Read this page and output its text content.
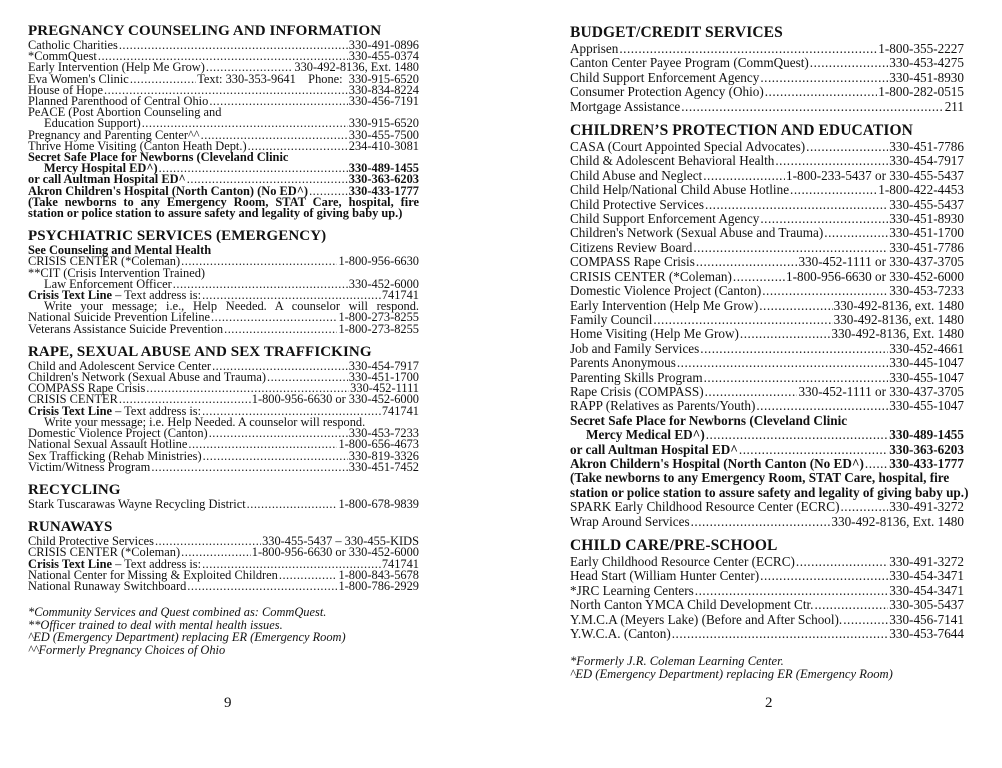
PREGNANCY COUNSELING AND INFORMATION
Catholic Charities .....	330-491-0896
*CommQuest .....	330-455-0374
Early Intervention (Help Me Grow) .....	330-492-8136, Ext. 1480
Eva Women's Clinic .....	Text: 330-353-9641    Phone:  330-915-6520
House of Hope .....	330-834-8224
Planned Parenthood of Central Ohio .....	330-456-7191
PeACE (Post Abortion Counseling and
Education Support) .....	330-915-6520
Pregnancy and Parenting Center^^ .....	330-455-7500
Thrive Home Visiting (Canton Heath Dept.) .....	234-410-3081
Secret Safe Place for Newborns (Cleveland Clinic
Mercy Hospital ED^) .....	330-489-1455
or call Aultman Hospital ED^ .....	330-363-6203
Akron Children's Hospital (North Canton) (No ED^) .....	330-433-1777
(Take newborns to any Emergency Room, STAT Care, hospital, fire
station or police station to assure safety and legality of giving baby up.)
PSYCHIATRIC SERVICES (EMERGENCY)
See Counseling and Mental Health
CRISIS CENTER (*Coleman) .....	1-800-956-6630
**CIT (Crisis Intervention Trained)
Law Enforcement Officer .....	330-452-6000
Crisis Text Line – Text address is: .....	741741
Write your message; i.e., Help Needed. A counselor will respond.
National Suicide Prevention Lifeline .....	1-800-273-8255
Veterans Assistance Suicide Prevention .....	1-800-273-8255
RAPE, SEXUAL ABUSE AND SEX TRAFFICKING
Child and Adolescent Service Center .....	330-454-7917
Children's Network (Sexual Abuse and Trauma) .....	330-451-1700
COMPASS Rape Crisis .....	330-452-1111
CRISIS CENTER .....	1-800-956-6630 or 330-452-6000
Crisis Text Line – Text address is: .....	741741
Write your message; i.e. Help Needed. A counselor will respond.
Domestic Violence Project (Canton) .....	330-453-7233
National Sexual Assault Hotline .....	1-800-656-4673
Sex Trafficking (Rehab Ministries) .....	330-819-3326
Victim/Witness Program .....	330-451-7452
RECYCLING
Stark Tuscarawas Wayne Recycling District .....	1-800-678-9839
RUNAWAYS
Child Protective Services .....	330-455-5437 – 330-455-KIDS
CRISIS CENTER (*Coleman) .....	1-800-956-6630 or 330-452-6000
Crisis Text Line – Text address is: .....	741741
National Center for Missing & Exploited Children .....	1-800-843-5678
National Runaway Switchboard .....	1-800-786-2929
*Community Services and Quest combined as: CommQuest.
**Officer trained to deal with mental health issues.
^ED (Emergency Department) replacing ER (Emergency Room)
^^Formerly Pregnancy Choices of Ohio
BUDGET/CREDIT SERVICES
Apprisen .....	1-800-355-2227
Canton Center Payee Program (CommQuest) .....	330-453-4275
Child Support Enforcement Agency .....	330-451-8930
Consumer Protection Agency (Ohio) .....	1-800-282-0515
Mortgage Assistance .....	211
CHILDREN’S PROTECTION AND EDUCATION
CASA (Court Appointed Special Advocates) .....	330-451-7786
Child & Adolescent Behavioral Health .....	330-454-7917
Child Abuse and Neglect .....	1-800-233-5437 or 330-455-5437
Child Help/National Child Abuse Hotline .....	1-800-422-4453
Child Protective Services .....	330-455-5437
Child Support Enforcement Agency .....	330-451-8930
Children's Network (Sexual Abuse and Trauma) .....	330-451-1700
Citizens Review Board .....	330-451-7786
COMPASS Rape Crisis .....	330-452-1111 or 330-437-3705
CRISIS CENTER (*Coleman) .....	1-800-956-6630 or 330-452-6000
Domestic Violence Project (Canton) .....	330-453-7233
Early Intervention (Help Me Grow) .....	330-492-8136, ext. 1480
Family Council .....	330-492-8136, ext. 1480
Home Visiting (Help Me Grow) .....	330-492-8136, Ext. 1480
Job and Family Services .....	330-452-4661
Parents Anonymous .....	330-445-1047
Parenting Skills Program .....	330-455-1047
Rape Crisis (COMPASS) .....	330-452-1111 or 330-437-3705
RAPP (Relatives as Parents/Youth) .....	330-455-1047
Secret Safe Place for Newborns (Cleveland Clinic
Mercy Medical ED^) .....	330-489-1455
or call Aultman Hospital ED^ .....	330-363-6203
Akron Childern's Hospital (North Canton (No ED^) ..... 330-433-1777
(Take newborns to any Emergency Room, STAT Care, hospital, fire
station or police station to assure safety and legality of giving baby up.)
SPARK Early Childhood Resource Center (ECRC) .....	330-491-3272
Wrap Around Services .....	330-492-8136, Ext. 1480
CHILD CARE/PRE-SCHOOL
Early Childhood Resource Center (ECRC) .....	330-491-3272
Head Start (William Hunter Center) .....	330-454-3471
*JRC Learning Centers .....	330-454-3471
North Canton YMCA Child Development Ctr. .....	330-305-5437
Y.M.C.A (Meyers Lake) (Before and After School). .....	330-456-7141
Y.W.C.A. (Canton) .....	330-453-7644
*Formerly J.R. Coleman Learning Center.
^ED (Emergency Department) replacing ER (Emergency Room)
9	2
